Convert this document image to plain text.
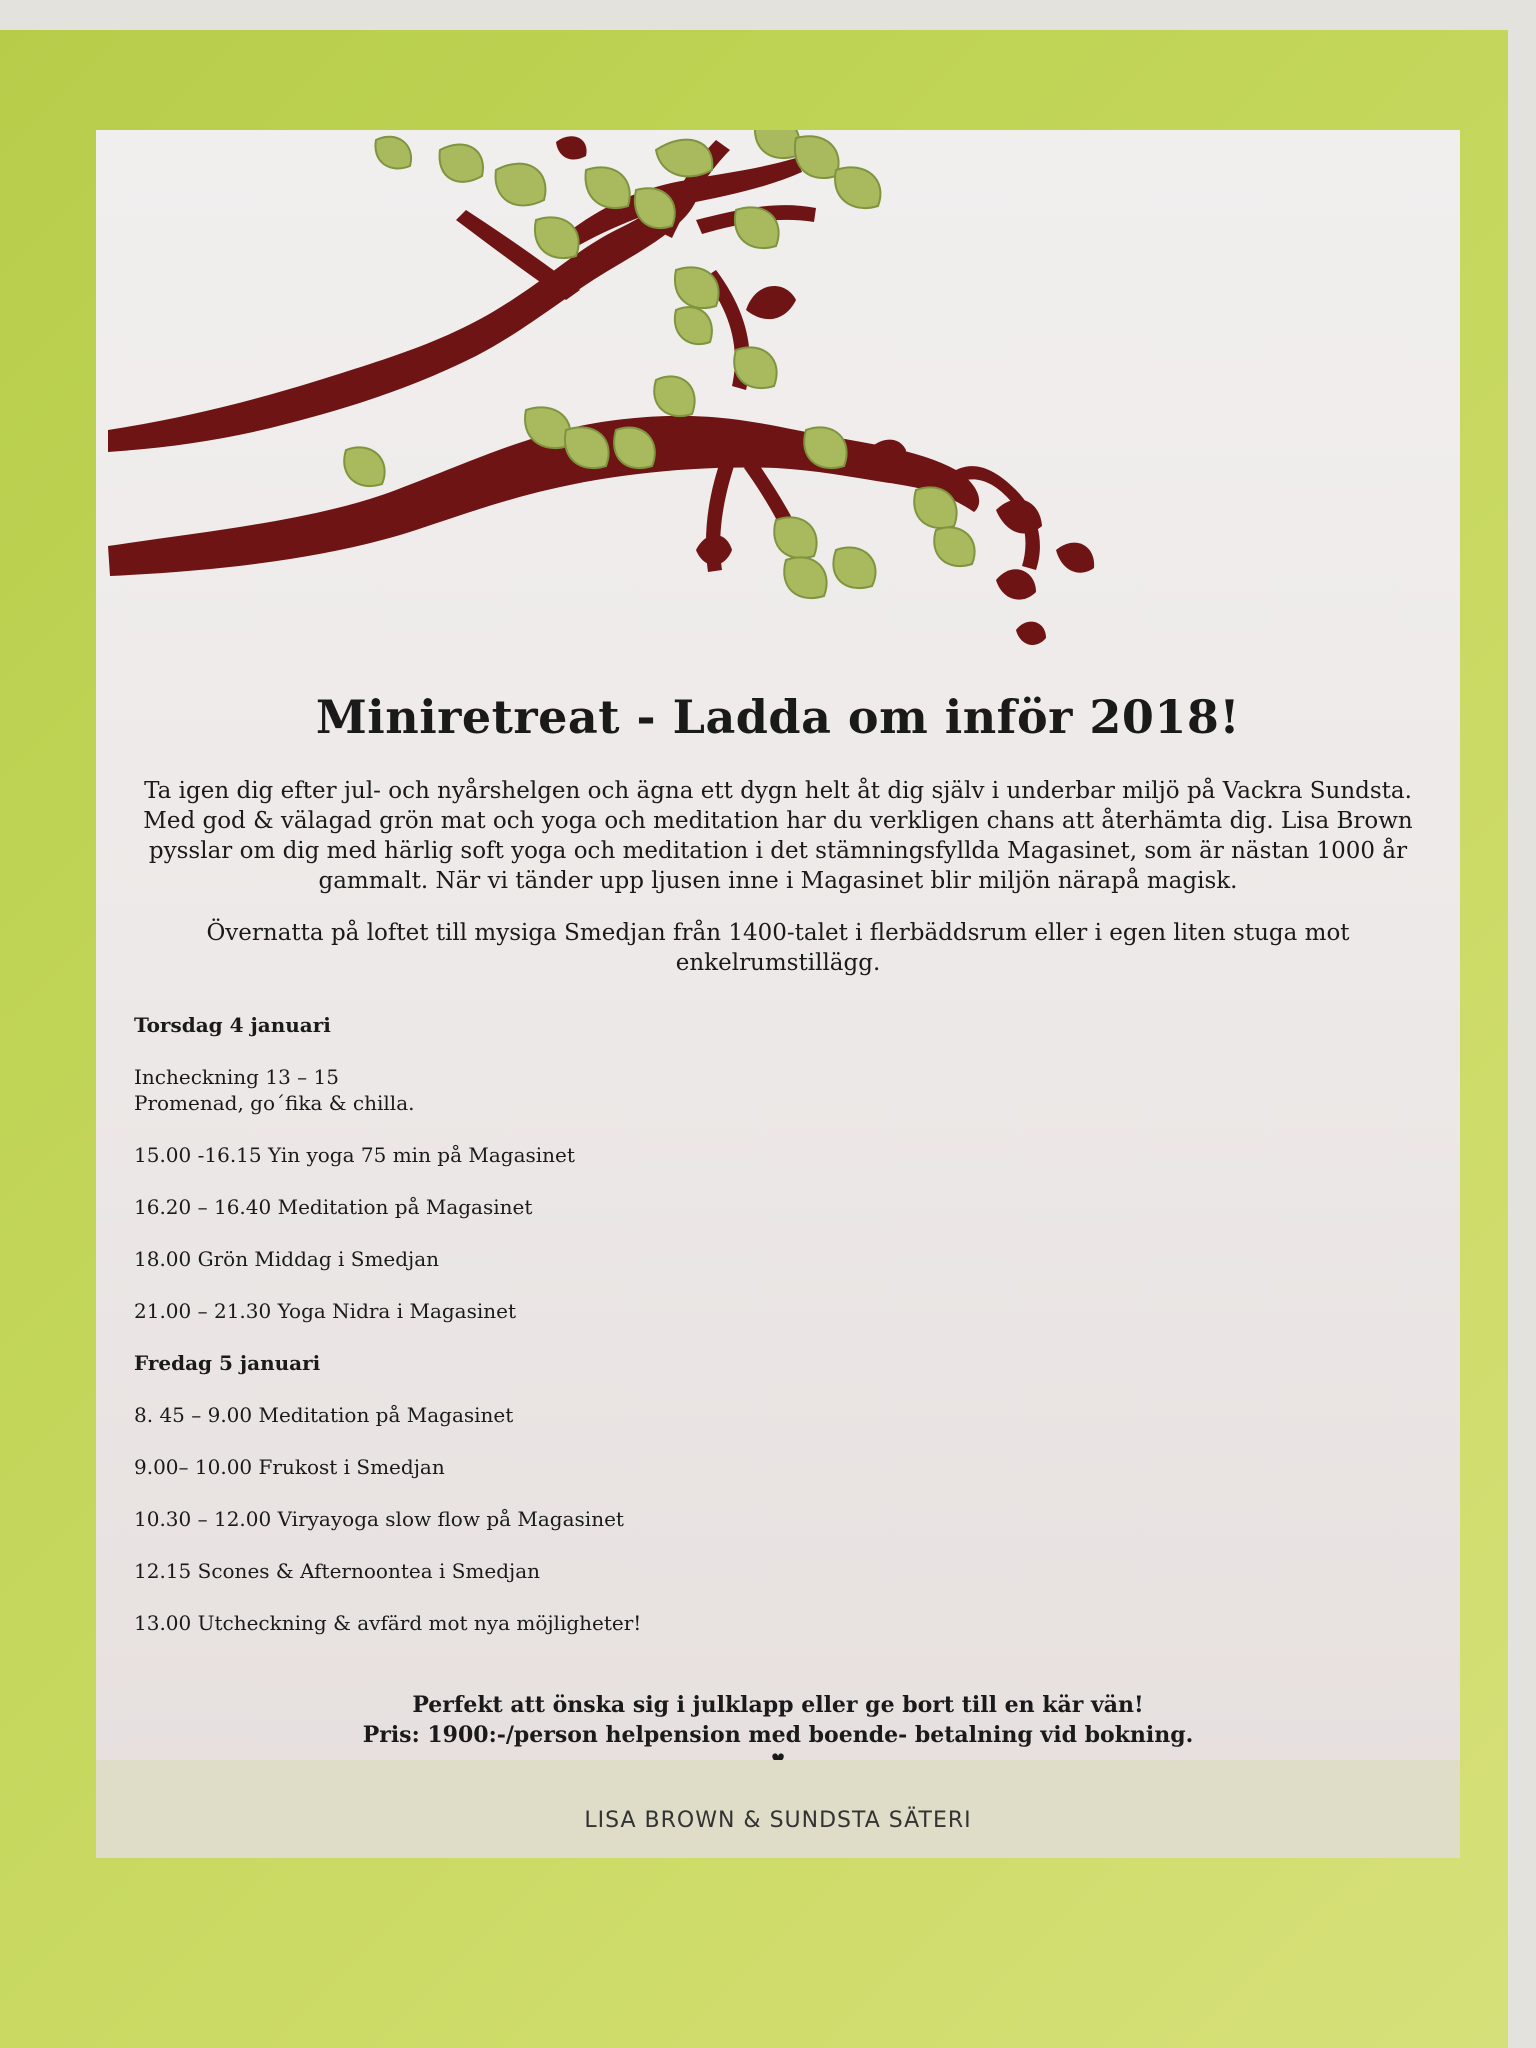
Miniretreat - Ladda om inför 2018!

Ta igen dig efter jul- och nyårshelgen och ägna ett dygn helt åt dig själv i underbar miljö på Vackra Sundsta. Med god & välagad grön mat och yoga och meditation har du verkligen chans att återhämta dig. Lisa Brown pysslar om dig med härlig soft yoga och meditation i det stämningsfyllda Magasinet, som är nästan 1000 år gammalt. När vi tänder upp ljusen inne i Magasinet blir miljön närapå magisk.

Övernatta på loftet till mysiga Smedjan från 1400-talet i flerbäddsrum eller i egen liten stuga mot enkelrumstillägg.

Torsdag 4 januari
Incheckning 13 – 15
Promenad, go´fika & chilla.
15.00 -16.15 Yin yoga 75 min på Magasinet
16.20 – 16.40 Meditation på Magasinet
18.00 Grön Middag i Smedjan
21.00 – 21.30 Yoga Nidra i Magasinet
Fredag 5 januari
8. 45 – 9.00 Meditation på Magasinet
9.00– 10.00 Frukost i Smedjan
10.30 – 12.00 Viryayoga slow flow på Magasinet
12.15 Scones & Afternoontea i Smedjan
13.00 Utcheckning & avfärd mot nya möjligheter!
Perfekt att önska sig i julklapp eller ge bort till en kär vän!
Pris: 1900:-/person helpension med boende- betalning vid bokning.
LISA BROWN & SUNDSTA SÄTERI
